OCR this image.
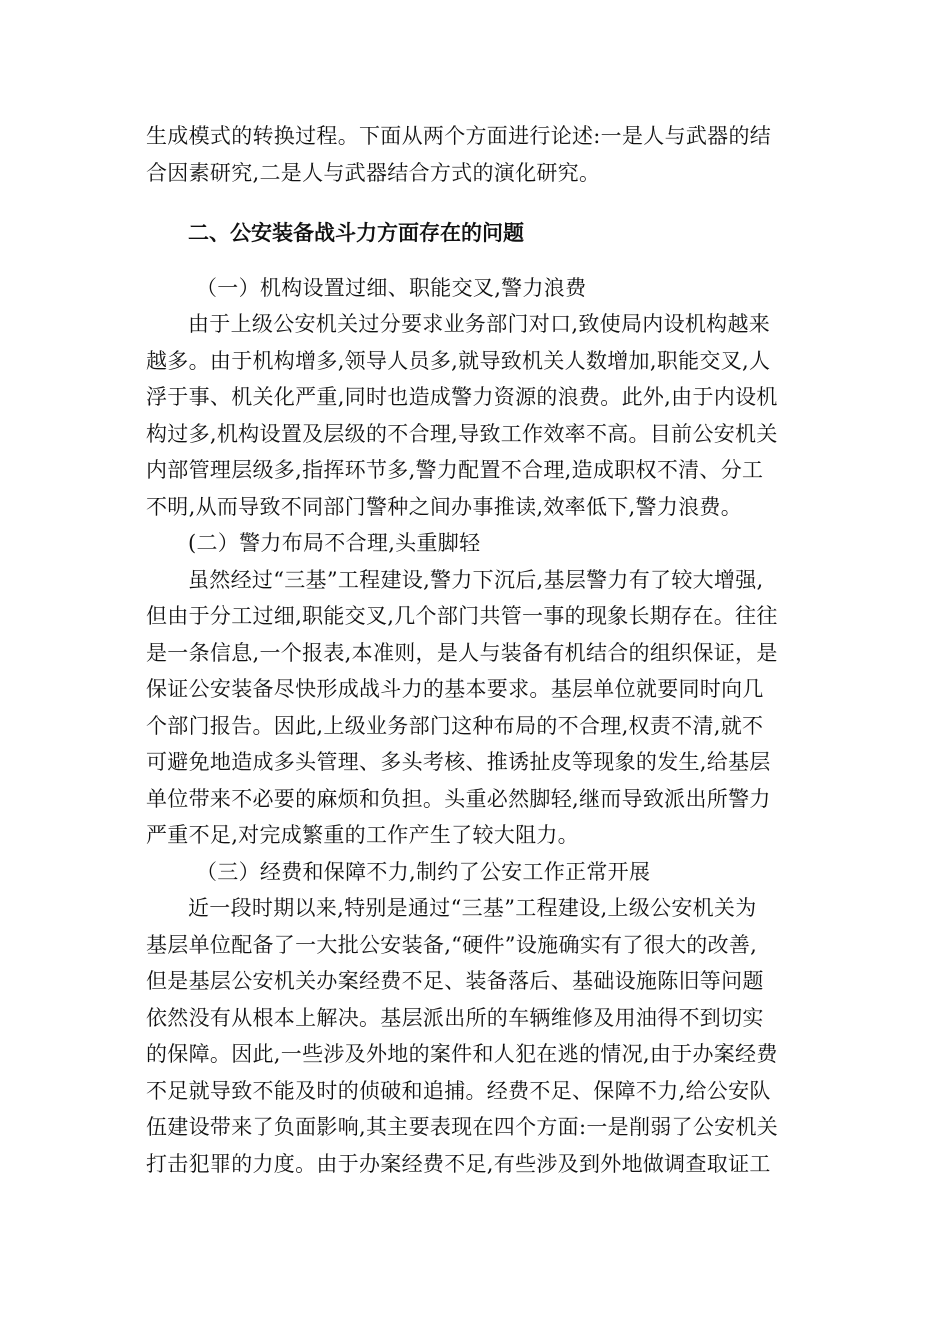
生成模式的转换过程。下面从两个方面进行论述:一是人与武器的结
合因素研究,二是人与武器结合方式的演化研究。
二、公安装备战斗力方面存在的问题
（一）机构设置过细、职能交叉,警力浪费
由于上级公安机关过分要求业务部门对口,致使局内设机构越来
越多。由于机构增多,领导人员多,就导致机关人数增加,职能交叉,人
浮于事、机关化严重,同时也造成警力资源的浪费。此外,由于内设机
构过多,机构设置及层级的不合理,导致工作效率不高。目前公安机关
内部管理层级多,指挥环节多,警力配置不合理,造成职权不清、分工
不明,从而导致不同部门警种之间办事推读,效率低下,警力浪费。
(二）警力布局不合理,头重脚轻
虽然经过“三基”工程建设,警力下沉后,基层警力有了较大增强,
但由于分工过细,职能交叉,几个部门共管一事的现象长期存在。往往
是一条信息,一个报表,本准则，是人与装备有机结合的组织保证，是
保证公安装备尽快形成战斗力的基本要求。基层单位就要同时向几
个部门报告。因此,上级业务部门这种布局的不合理,权责不清,就不
可避免地造成多头管理、多头考核、推诱扯皮等现象的发生,给基层
单位带来不必要的麻烦和负担。头重必然脚轻,继而导致派出所警力
严重不足,对完成繁重的工作产生了较大阻力。
（三）经费和保障不力,制约了公安工作正常开展
近一段时期以来,特别是通过“三基”工程建设,上级公安机关为
基层单位配备了一大批公安装备,“硬件”设施确实有了很大的改善,
但是基层公安机关办案经费不足、装备落后、基础设施陈旧等问题
依然没有从根本上解决。基层派出所的车辆维修及用油得不到切实
的保障。因此,一些涉及外地的案件和人犯在逃的情况,由于办案经费
不足就导致不能及时的侦破和追捕。经费不足、保障不力,给公安队
伍建设带来了负面影响,其主要表现在四个方面:一是削弱了公安机关
打击犯罪的力度。由于办案经费不足,有些涉及到外地做调查取证工
